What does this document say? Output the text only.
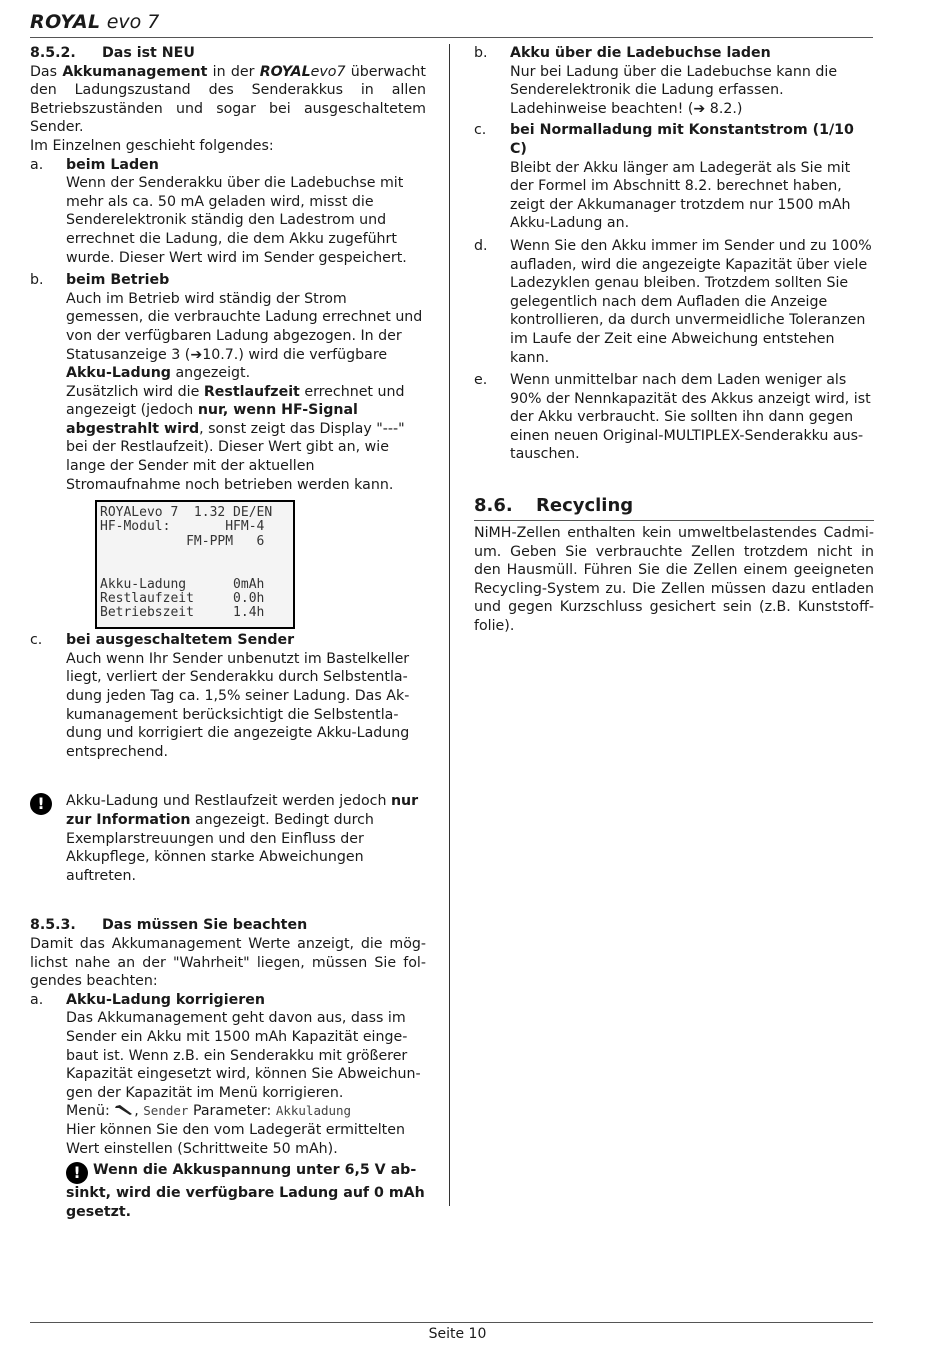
ROYAL evo 7
8.5.2.	Das ist NEU

Das Akkumanagement in der ROYALevo7 überwacht den Ladungszustand des Senderakkus in allen Betriebszuständen und sogar bei ausgeschaltetem Sender.

Im Einzelnen geschieht folgendes:

a.	beim Laden

Wenn der Senderakku über die Ladebuchse mit mehr als ca. 50 mA geladen wird, misst die Senderelektronik ständig den Ladestrom und errechnet die Ladung, die dem Akku zugeführt wurde. Dieser Wert wird im Sender gespeichert.

b.	beim Betrieb

Auch im Betrieb wird ständig der Strom gemessen, die verbrauchte Ladung errechnet und von der verfügbaren Ladung abgezogen. In der Statusanzeige 3 (➔10.7.) wird die verfügbare Akku-Ladung angezeigt.

Zusätzlich wird die Restlaufzeit errechnet und angezeigt (jedoch nur, wenn HF-Signal abgestrahlt wird, sonst zeigt das Display "---" bei der Restlaufzeit). Dieser Wert gibt an, wie lange der Sender mit der aktuellen Stromaufnahme noch betrieben werden kann.

ROYALevo 7  1.32 DE/EN
HF-Modul:       HFM-4
FM-PPM   6
Akku-Ladung      0mAh
Restlaufzeit     0.0h
Betriebszeit     1.4h
c.	bei ausgeschaltetem Sender

Auch wenn Ihr Sender unbenutzt im Bastelkeller liegt, verliert der Senderakku durch Selbstentladung jeden Tag ca. 1,5% seiner Ladung. Das Akkumanagement berücksichtigt die Selbstentladung und korrigiert die angezeigte Akku-Ladung entsprechend.

!	Akku-Ladung und Restlaufzeit werden jedoch nur zur Information angezeigt. Bedingt durch Exemplarstreuungen und den Einfluss der Akkupflege, können starke Abweichungen auftreten.

8.5.3.	Das müssen Sie beachten

Damit das Akkumanagement Werte anzeigt, die möglichst nahe an der "Wahrheit" liegen, müssen Sie folgendes beachten:

a.	Akku-Ladung korrigieren

Das Akkumanagement geht davon aus, dass im Sender ein Akku mit 1500 mAh Kapazität eingebaut ist. Wenn z.B. ein Senderakku mit größerer Kapazität eingesetzt wird, können Sie Abweichungen der Kapazität im Menü korrigieren.

Menü: , Sender Parameter: Akkuladung

Hier können Sie den vom Ladegerät ermittelten Wert einstellen (Schrittweite 50 mAh).

! Wenn die Akkuspannung unter 6,5 V absinkt, wird die verfügbare Ladung auf 0 mAh gesetzt.

b.	Akku über die Ladebuchse laden

Nur bei Ladung über die Ladebuchse kann die Senderelektronik die Ladung erfassen.

Ladehinweise beachten! (➔ 8.2.)

c.	bei Normalladung mit Konstantstrom (1/10 C)

Bleibt der Akku länger am Ladegerät als Sie mit der Formel im Abschnitt 8.2. berechnet haben, zeigt der Akkumanager trotzdem nur 1500 mAh Akku-Ladung an.

d.	Wenn Sie den Akku immer im Sender und zu 100% aufladen, wird die angezeigte Kapazität über viele Ladezyklen genau bleiben. Trotzdem sollten Sie gelegentlich nach dem Aufladen die Anzeige kontrollieren, da durch unvermeidliche Toleranzen im Laufe der Zeit eine Abweichung entstehen kann.

e.	Wenn unmittelbar nach dem Laden weniger als 90% der Nennkapazität des Akkus anzeigt wird, ist der Akku verbraucht. Sie sollten ihn dann gegen einen neuen Original-MULTIPLEX-Senderakku austauschen.

8.6.	Recycling

NiMH-Zellen enthalten kein umweltbelastendes Cadmium. Geben Sie verbrauchte Zellen trotzdem nicht in den Hausmüll. Führen Sie die Zellen einem geeigneten Recycling-System zu. Die Zellen müssen dazu entladen und gegen Kurzschluss gesichert sein (z.B. Kunststofffolie).

Seite 10
